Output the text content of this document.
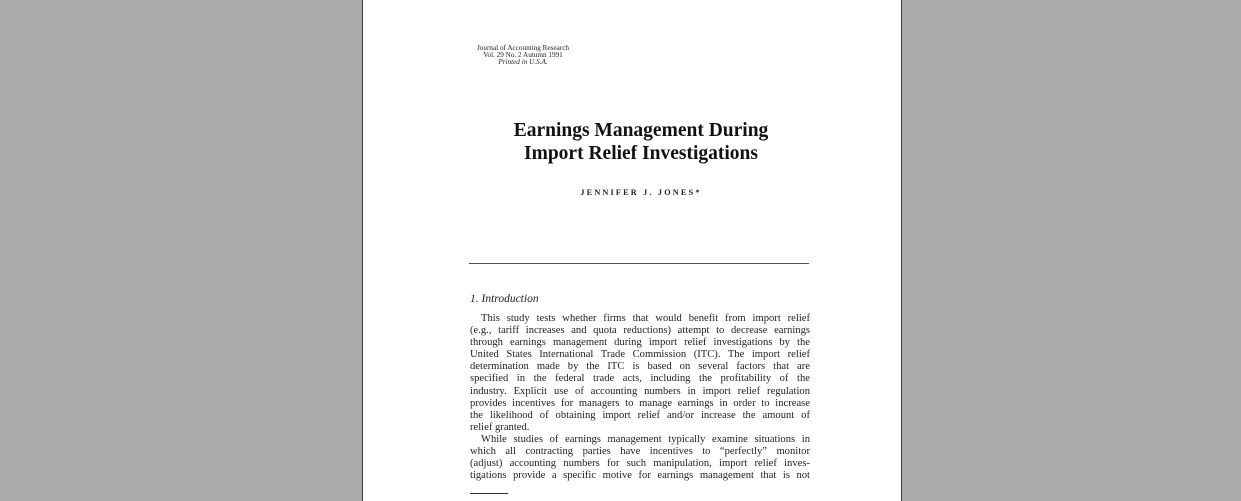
Journal of Accounting Research
Vol. 29 No. 2 Autumn 1991
Printed in U.S.A.
Earnings Management During
Import Relief Investigations
JENNIFER J. JONES*
1. Introduction
This study tests whether firms that would benefit from import relief
(e.g., tariff increases and quota reductions) attempt to decrease earnings
through earnings management during import relief investigations by the
United States International Trade Commission (ITC). The import relief
determination made by the ITC is based on several factors that are
specified in the federal trade acts, including the profitability of the
industry. Explicit use of accounting numbers in import relief regulation
provides incentives for managers to manage earnings in order to increase
the likelihood of obtaining import relief and/or increase the amount of
relief granted.
While studies of earnings management typically examine situations in
which all contracting parties have incentives to “perfectly” monitor
(adjust) accounting numbers for such manipulation, import relief inves-
tigations provide a specific motive for earnings management that is not
